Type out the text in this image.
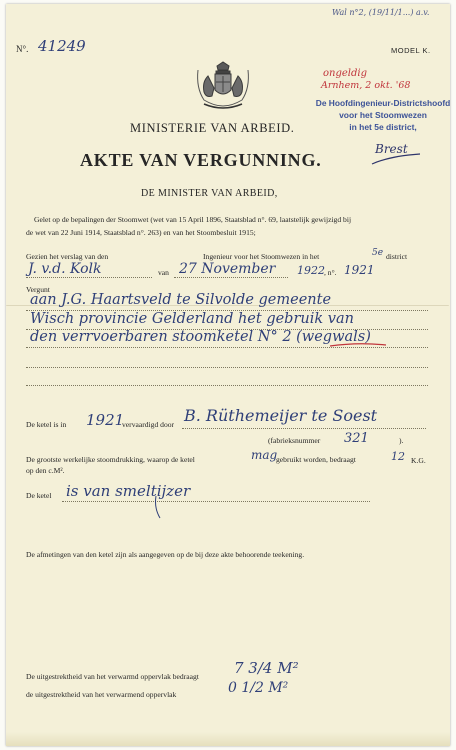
N°. 41249
Wal n°2, (19/11/1...) a.v.
MODEL K.
ongeldig
Arnhem, 2 okt. '68
De Hoofdingenieur-Districtshoofd
voor het Stoomwezen
in het 5e district,
MINISTERIE VAN ARBEID.
AKTE VAN VERGUNNING.
Brest
DE MINISTER VAN ARBEID,
Gelet op de bepalingen der Stoomwet (wet van 15 April 1896, Staatsblad n°. 69, laatstelijk gewijzigd bij
de wet van 22 Juni 1914, Staatsblad n°. 263) en van het Stoombesluit 1915;
Gezien het verslag van den	Ingenieur voor het Stoomwezen in het	5e district
J. v.d. Kolk	van 27 November 1922 , n°. 1921
Vergunt
aan J.G. Haartsveld te Silvolde gemeente
Wisch provincie Gelderland het gebruik van
den verrvoerbaren stoomketel N° 2 (wegwals)
De ketel is in 1921
vervaardigd door B. Rüthemeijer te Soest
(fabrieksnummer 321	).
De grootste werkelijke stoomdrukking, waarop de ketel	mag
gebruikt worden, bedraagt	12 K.G.
op den c.M².
De ketel is van smeltijzer
De afmetingen van den ketel zijn als aangegeven op de bij deze akte behoorende teekening.
De uitgestrektheid van het verwarmd oppervlak bedraagt 7 3/4 M²
de uitgestrektheid van het verwarmend oppervlak	0 1/2 M²
